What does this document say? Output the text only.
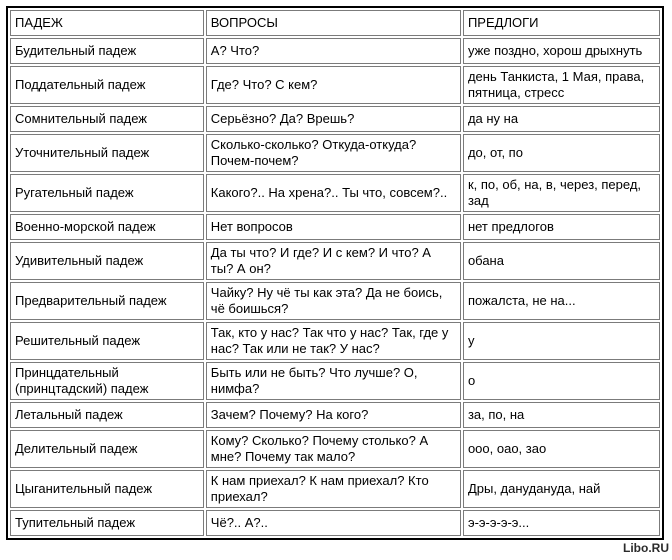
ПАДЕЖ	ВОПРОСЫ	ПРЕДЛОГИ
Будительный падеж	А? Что?	уже поздно, хорош дрыхнуть
Поддательный падеж	Где? Что? С кем?	день Танкиста, 1 Мая, права, пятница, стресс
Сомнительный падеж	Серьёзно? Да? Врешь?	да ну на
Уточнительный падеж	Сколько-сколько? Откуда-откуда? Почем-почем?	до, от, по
Ругательный падеж	Какого?.. На хрена?.. Ты что, совсем?..	к, по, об, на, в, через, перед, зад
Военно-морской падеж	Нет вопросов	нет предлогов
Удивительный падеж	Да ты что? И где? И с кем? И что? А ты? А он?	обана
Предварительный падеж	Чайку? Ну чё ты как эта? Да не боись, чё боишься?	пожалста, не на...
Решительный падеж	Так, кто у нас? Так что у нас? Так, где у нас? Так или не так? У нас?	у
Принцдательный (принцтадский) падеж	Быть или не быть? Что лучше? О, нимфа?	о
Летальный падеж	Зачем? Почему? На кого?	за, по, на
Делительный падеж	Кому? Сколько? Почему столько? А мне? Почему так мало?	ооо, оао, зао
Цыганительный падеж	К нам приехал? К нам приехал? Кто приехал?	Дры, данудануда, най
Тупительный падеж	Чё?.. А?..	э-э-э-э-э...
Libo.RU
